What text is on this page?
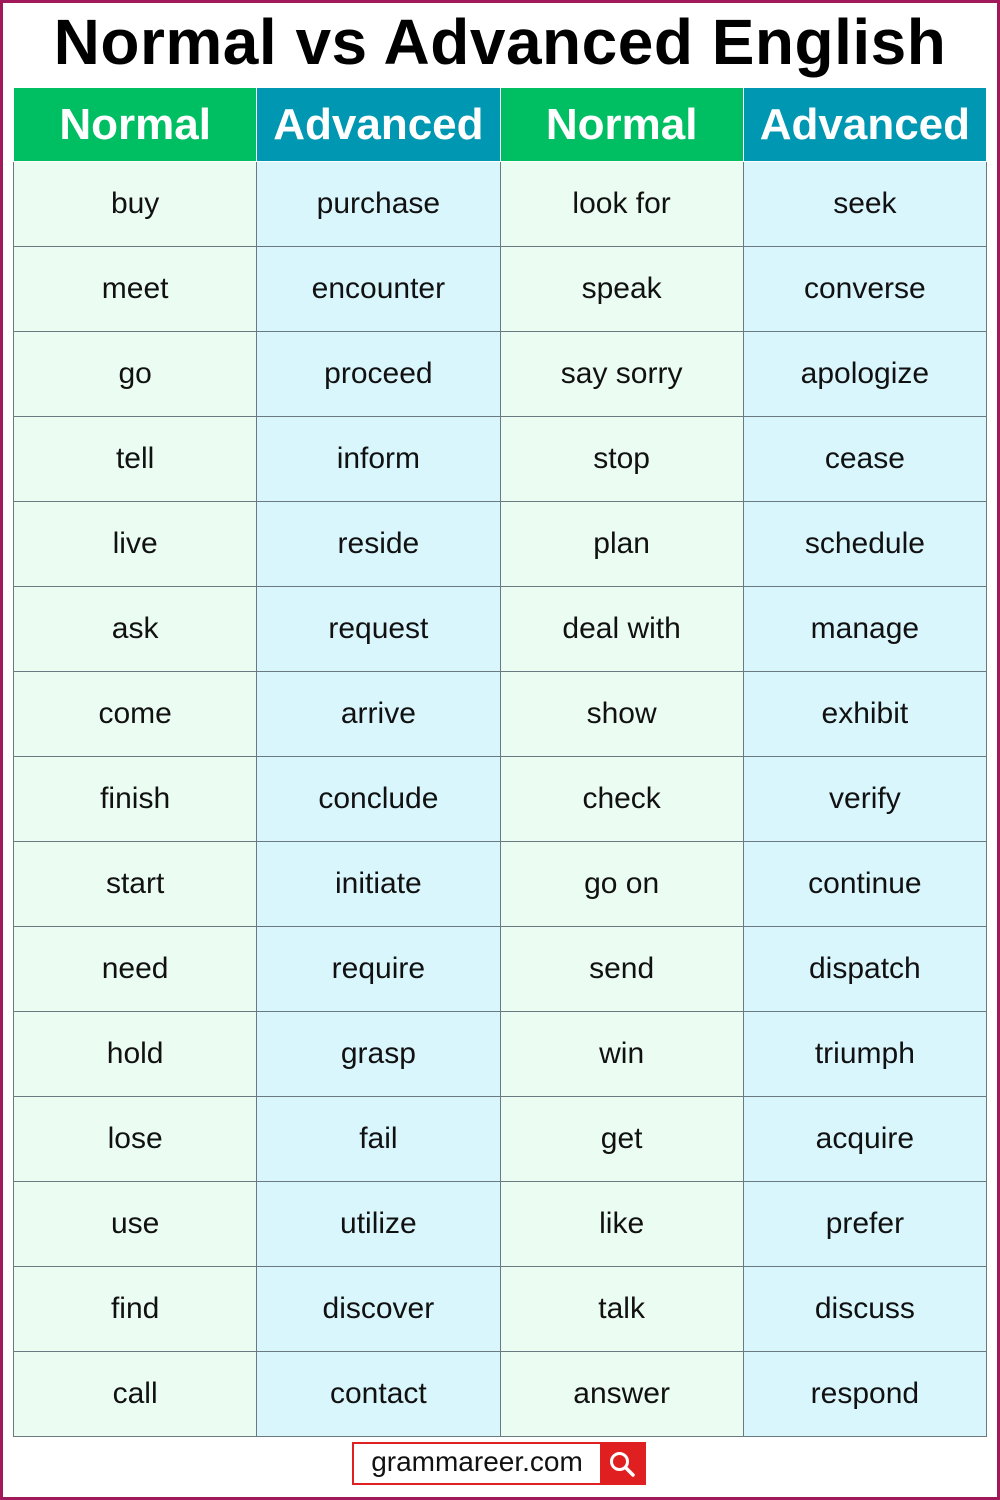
Normal vs Advanced English
Normal	Advanced	Normal	Advanced
buy	purchase	look for	seek
meet	encounter	speak	converse
go	proceed	say sorry	apologize
tell	inform	stop	cease
live	reside	plan	schedule
ask	request	deal with	manage
come	arrive	show	exhibit
finish	conclude	check	verify
start	initiate	go on	continue
need	require	send	dispatch
hold	grasp	win	triumph
lose	fail	get	acquire
use	utilize	like	prefer
find	discover	talk	discuss
call	contact	answer	respond
grammareer.com
